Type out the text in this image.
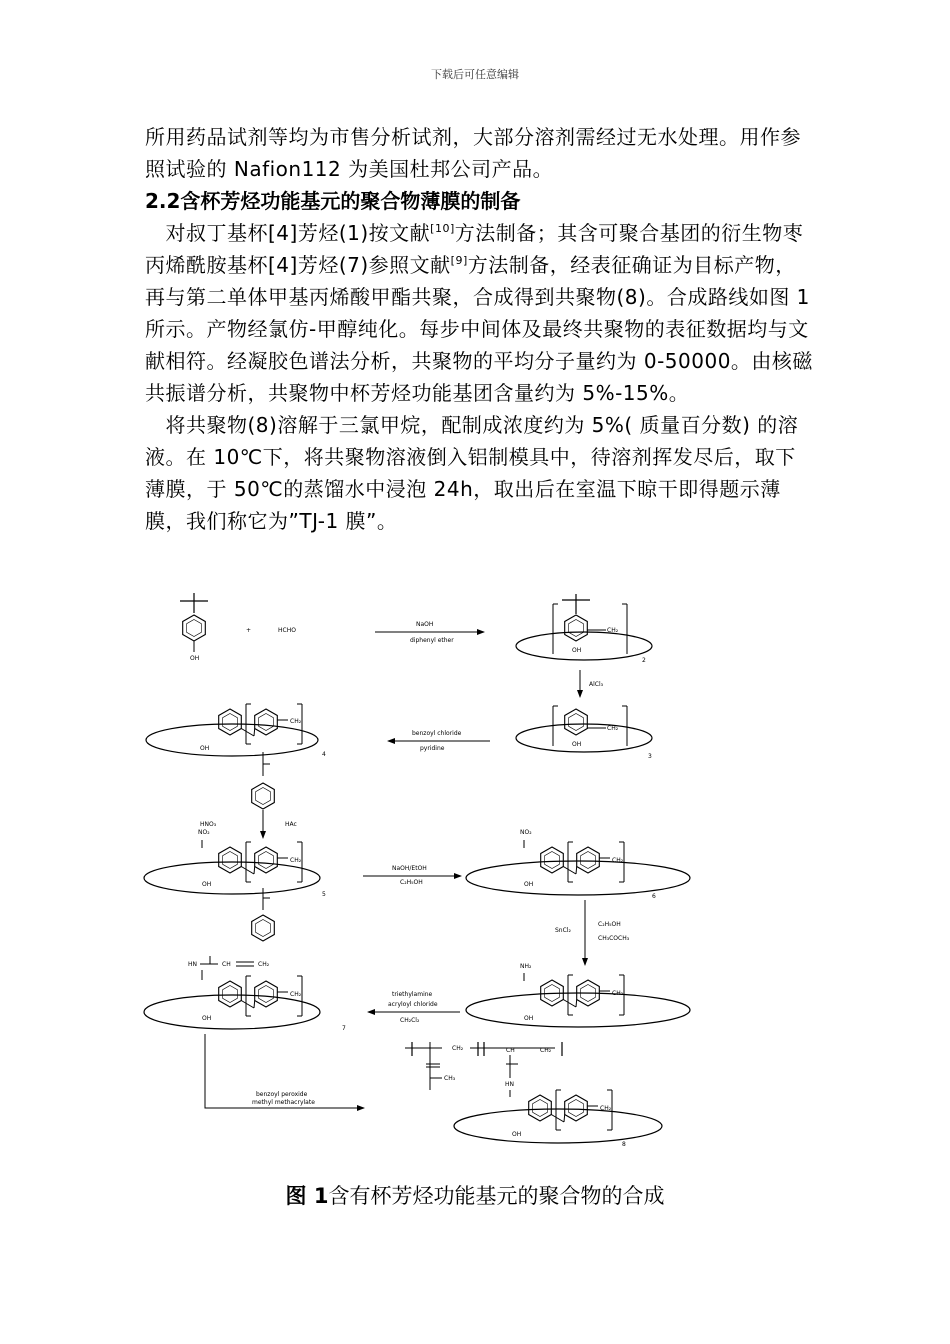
下载后可任意编辑

所用药品试剂等均为市售分析试剂，大部分溶剂需经过无水处理。用作参照试验的 Nafion112 为美国杜邦公司产品。

2.2含杯芳烃功能基元的聚合物薄膜的制备

　对叔丁基杯[4]芳烃(1)按文献[10]方法制备；其含可聚合基团的衍生物枣丙烯酰胺基杯[4]芳烃(7)参照文献[9]方法制备，经表征确证为目标产物，再与第二单体甲基丙烯酸甲酯共聚，合成得到共聚物(8)。合成路线如图 1 所示。产物经氯仿-甲醇纯化。每步中间体及最终共聚物的表征数据均与文献相符。经凝胶色谱法分析，共聚物的平均分子量约为 0-50000。由核磁共振谱分析，共聚物中杯芳烃功能基团含量约为 5%-15%。

　将共聚物(8)溶解于三氯甲烷，配制成浓度约为 5%( 质量百分数) 的溶液。在 10℃下，将共聚物溶液倒入铝制模具中，待溶剂挥发尽后，取下薄膜，于 50℃的蒸馏水中浸泡 24h，取出后在室温下晾干即得题示薄膜，我们称它为”TJ-1 膜”。

OH
HCHO
+
NaOH
diphenyl ether
CH₂
OH
2
AlCl₃
CH₂
OH
3
benzoyl chloride
pyridine
CH₂
OH
4
HNO₃	HAc
NO₂
CH₂
OH
5
NaOH/EtOH
C₂H₅OH
NO₂
CH₂
OH
6
SnCl₂
C₂H₅OH
CH₃COCH₃
NH₂
CH₂
OH
triethylamine
acryloyl chloride
CH₂Cl₂
HN	CH	CH₂
CH₂
OH
7
benzoyl peroxide
methyl methacrylate
CH₃
CH₂	CH	CH₂
HN
CH₂
OH
8
图 1含有杯芳烃功能基元的聚合物的合成
